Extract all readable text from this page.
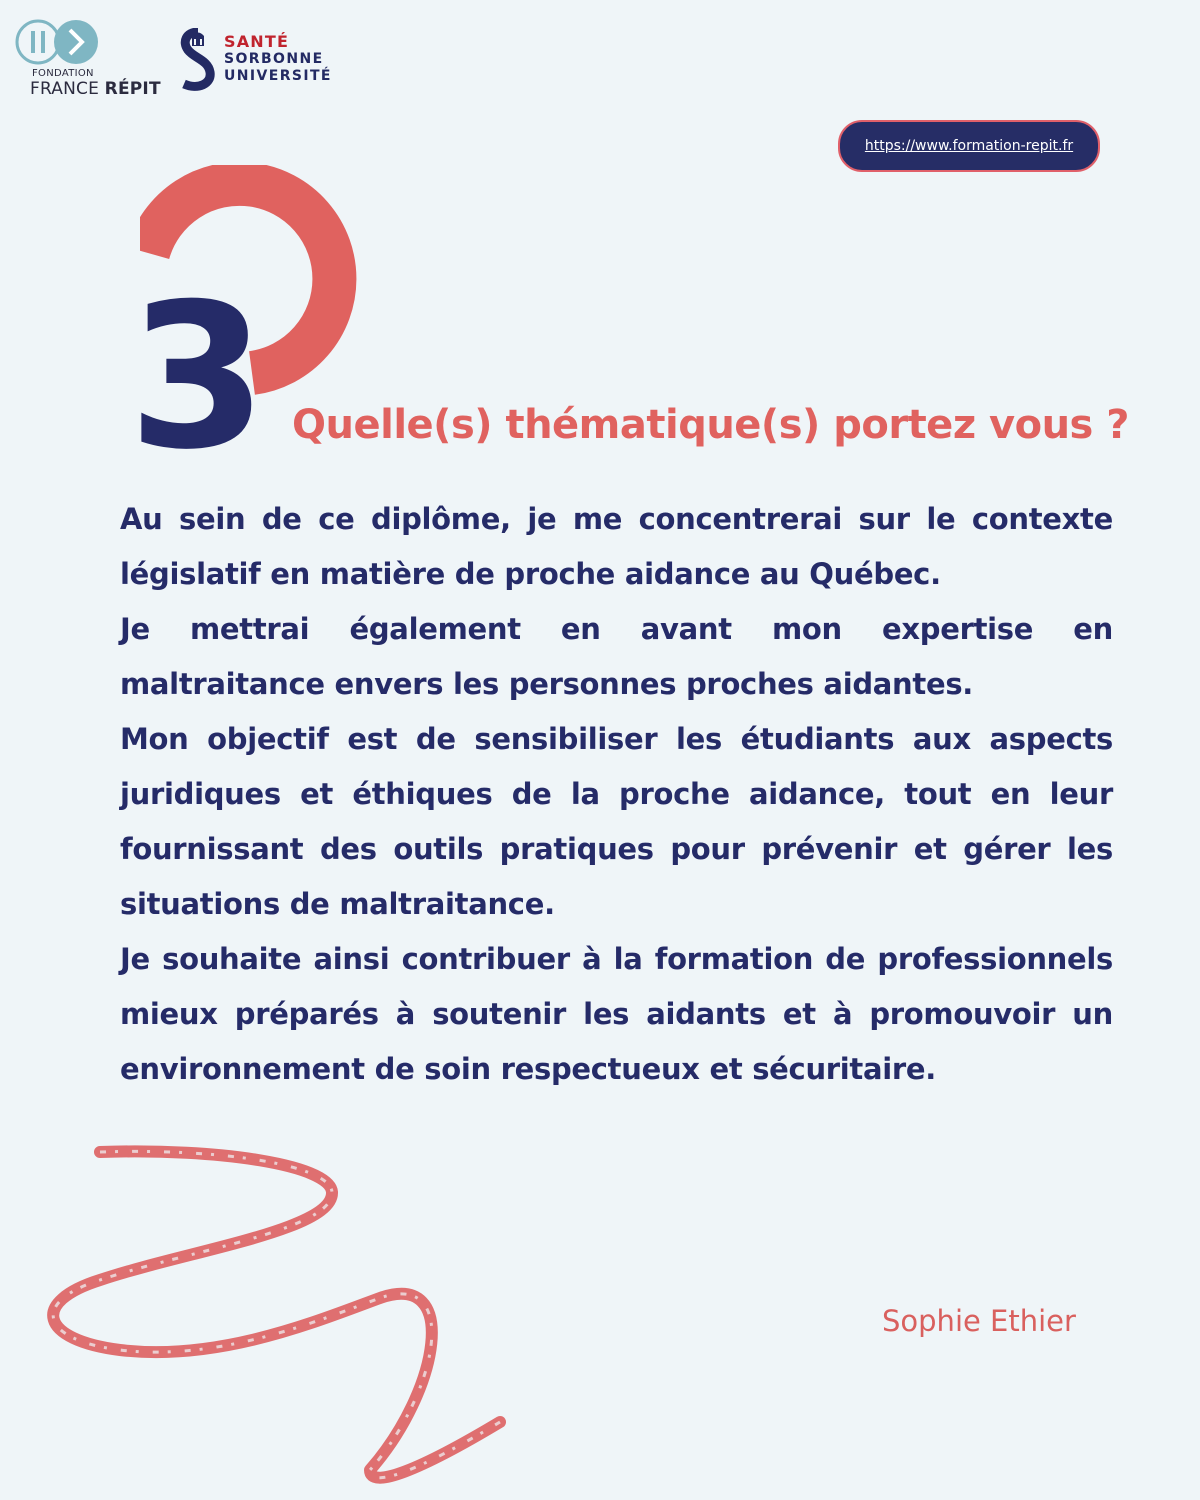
FONDATION
FRANCE RÉPIT
SANTÉ
SORBONNE
UNIVERSITÉ
https://www.formation-repit.fr
3 Quelle(s) thématique(s) portez vous ?

Au sein de ce diplôme, je me concentrerai sur le contexte législatif en matière de proche aidance au Québec.

Je mettrai également en avant mon expertise en maltraitance envers les personnes proches aidantes.

Mon objectif est de sensibiliser les étudiants aux aspects juridiques et éthiques de la proche aidance, tout en leur fournissant des outils pratiques pour prévenir et gérer les situations de maltraitance.

Je souhaite ainsi contribuer à la formation de professionnels mieux préparés à soutenir les aidants et à promouvoir un environnement de soin respectueux et sécuritaire.

Sophie Ethier
